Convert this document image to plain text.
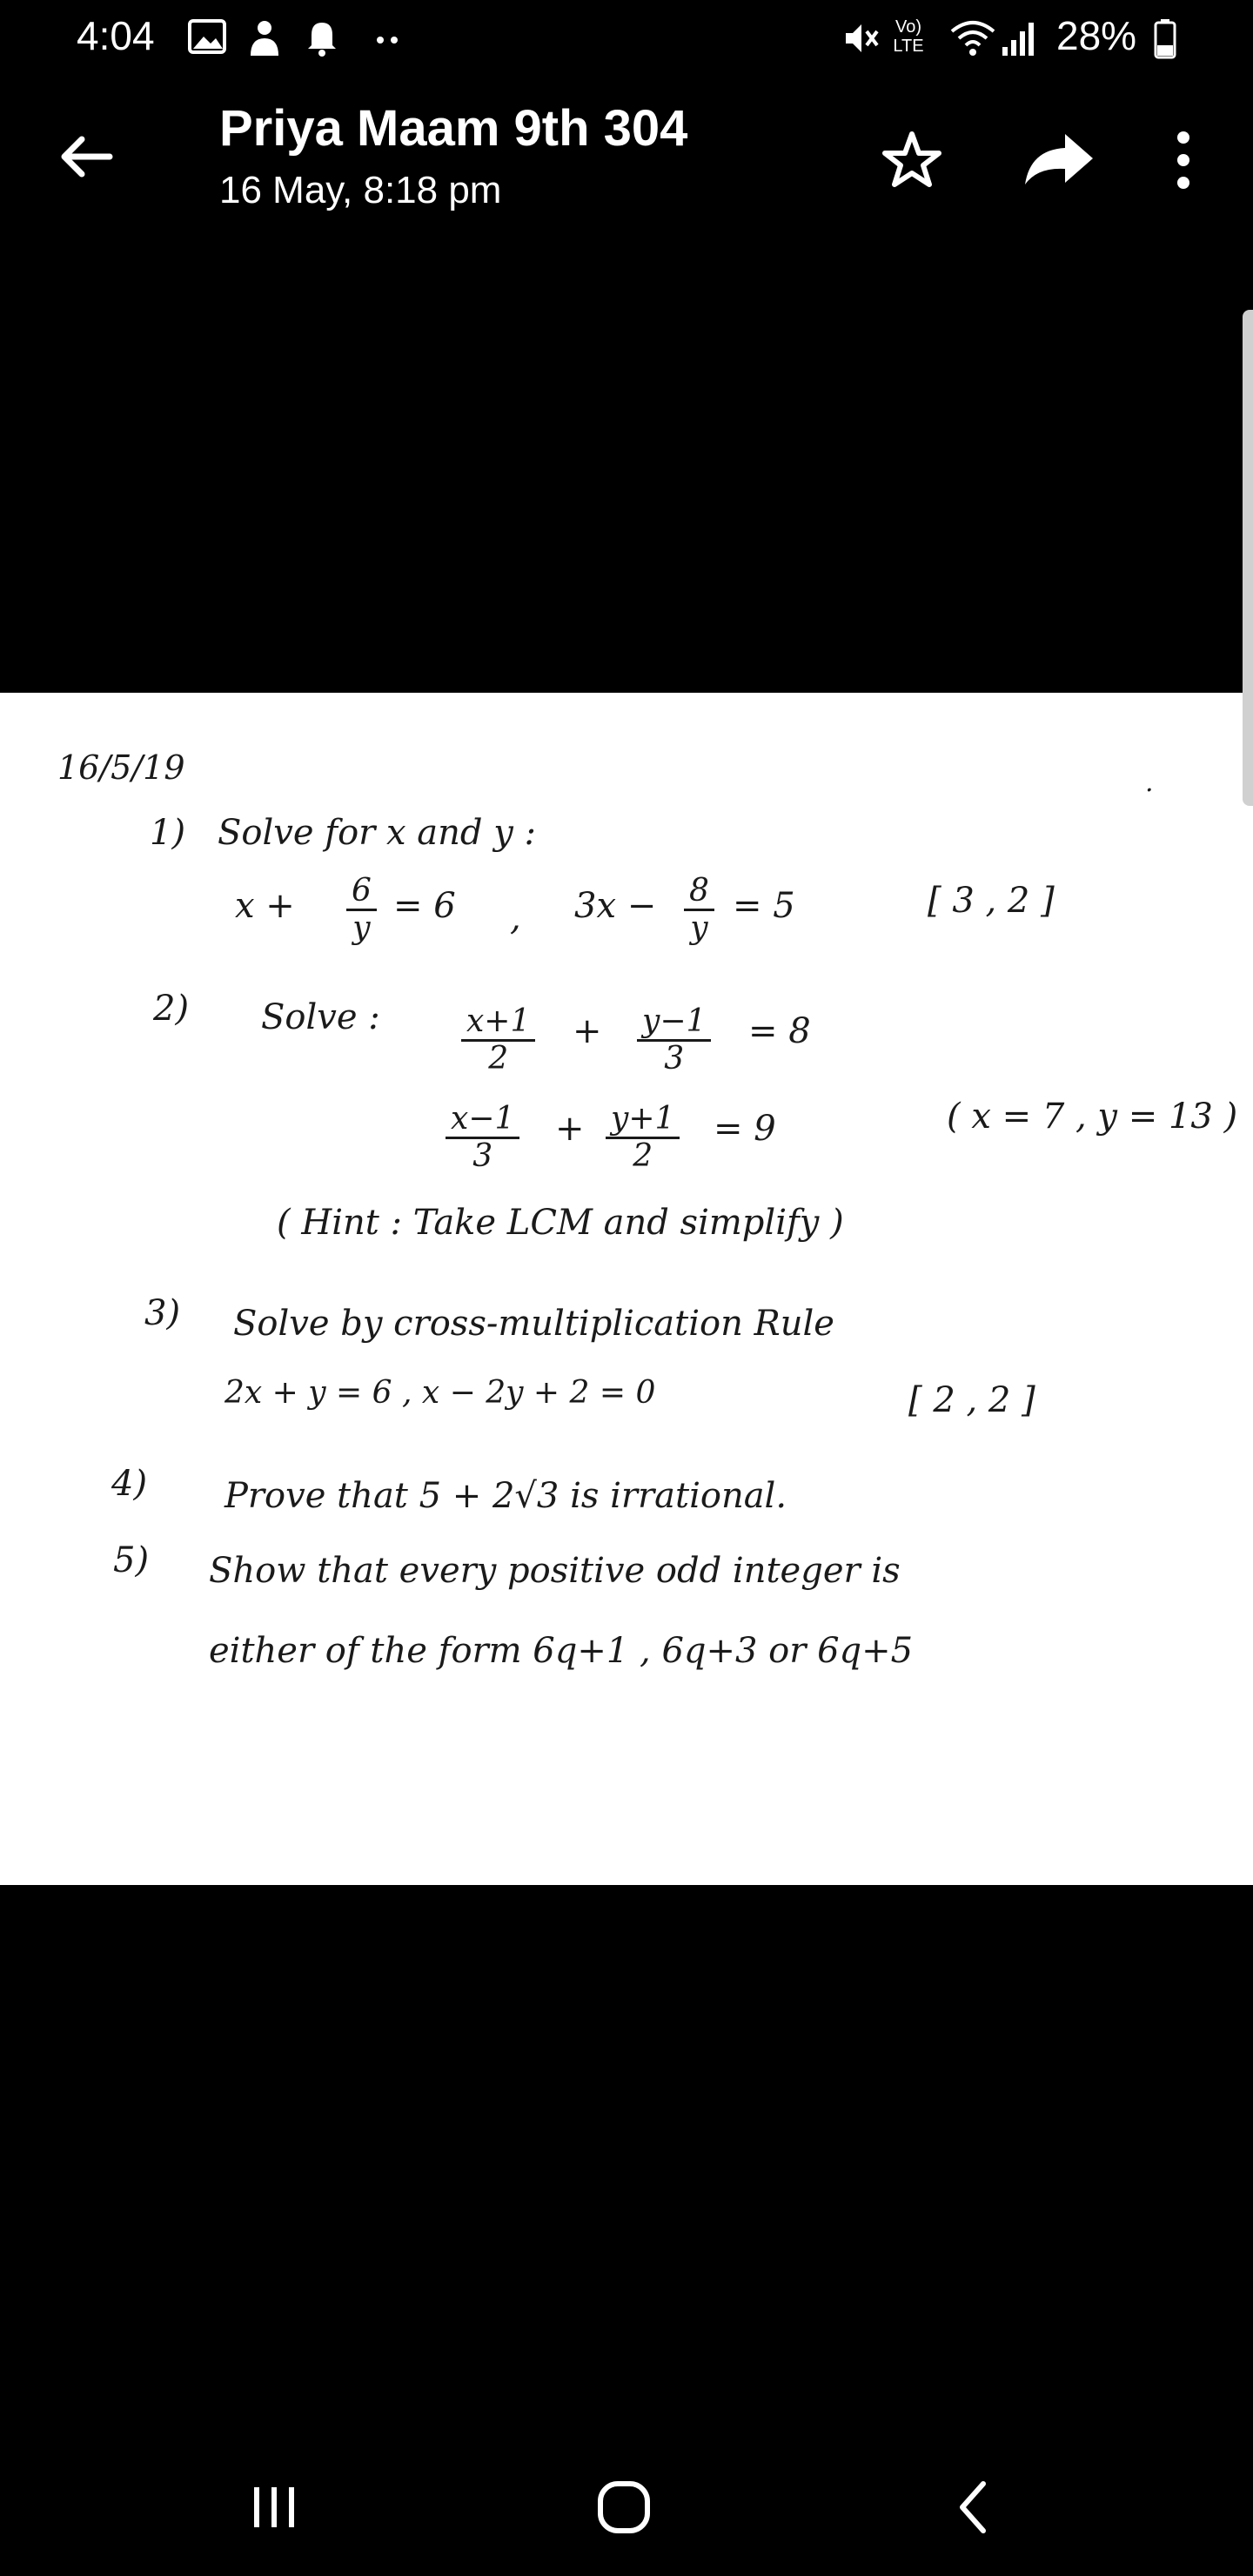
4:04	Vo) LTE	28%
Priya Maam 9th 304
16 May, 8:18 pm
16/5/19	.
1) Solve for x and y :
$x + \frac{6}{y} = 6$ , $3x - \frac{8}{y} = 5$	[ 3 , 2 ]
2) Solve :	$\frac{x+1}{2} + \frac{y-1}{3} = 8$
$\frac{x-1}{3} + \frac{y+1}{2} = 9$	( x = 7 , y = 13 )
( Hint : Take LCM and simplify )
3) Solve by cross-multiplication Rule
2x + y = 6 , x − 2y + 2 = 0	[ 2 , 2 ]
4) Prove that 5 + 2√3 is irrational.
5) Show that every positive odd integer is
either of the form 6q+1 , 6q+3 or 6q+5
